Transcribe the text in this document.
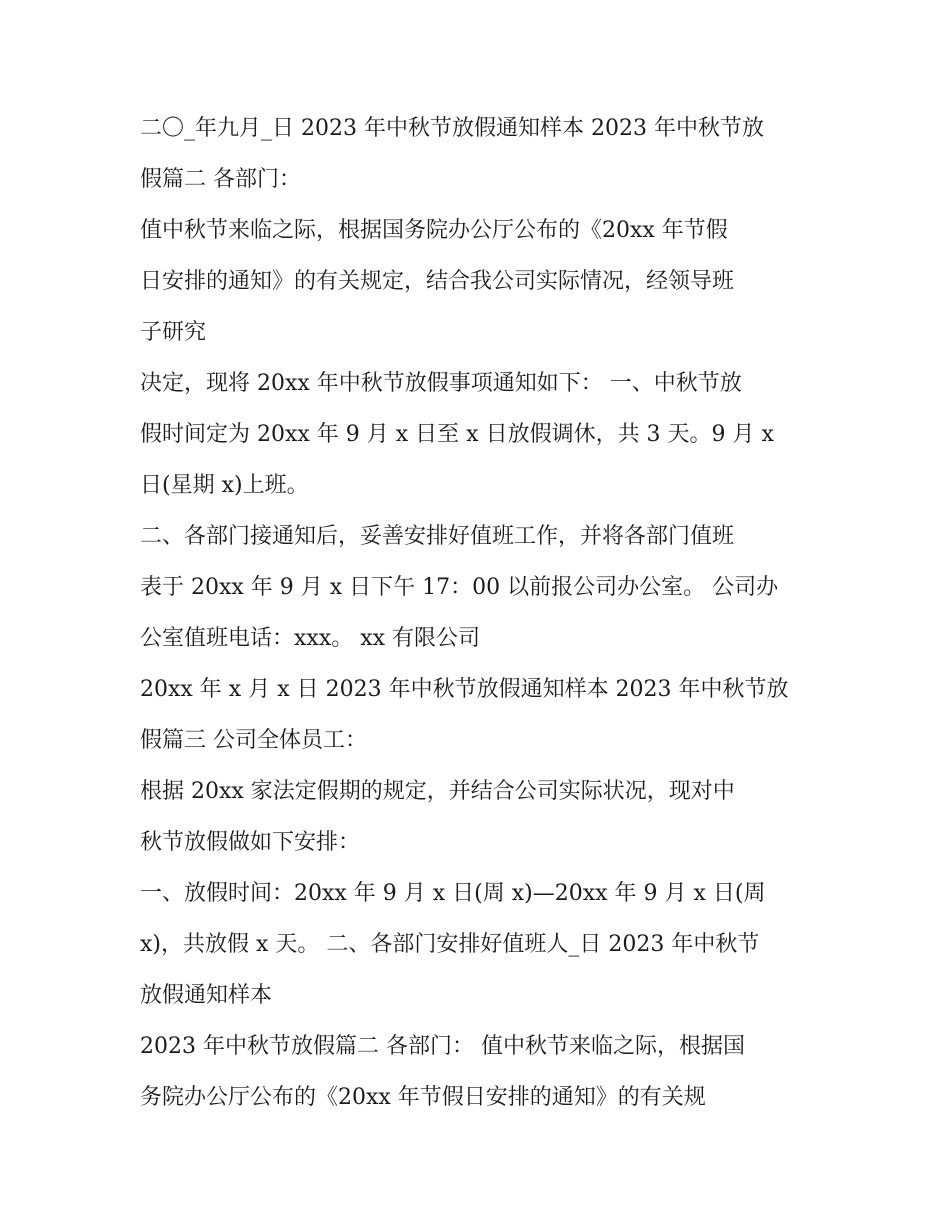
二〇_年九月_日 2023 年中秋节放假通知样本 2023 年中秋节放
假篇二 各部门：
值中秋节来临之际，根据国务院办公厅公布的《20xx 年节假
日安排的通知》的有关规定，结合我公司实际情况，经领导班
子研究
决定，现将 20xx 年中秋节放假事项通知如下： 一、中秋节放
假时间定为 20xx 年 9 月 x 日至 x 日放假调休，共 3 天。9 月 x
日(星期 x)上班。
二、各部门接通知后，妥善安排好值班工作，并将各部门值班
表于 20xx 年 9 月 x 日下午 17：00 以前报公司办公室。 公司办
公室值班电话：xxx。 xx 有限公司
20xx 年 x 月 x 日 2023 年中秋节放假通知样本 2023 年中秋节放
假篇三 公司全体员工：
根据 20xx 家法定假期的规定，并结合公司实际状况，现对中
秋节放假做如下安排：
一、放假时间：20xx 年 9 月 x 日(周 x)—20xx 年 9 月 x 日(周
x)，共放假 x 天。 二、各部门安排好值班人_日 2023 年中秋节
放假通知样本
2023 年中秋节放假篇二 各部门： 值中秋节来临之际，根据国
务院办公厅公布的《20xx 年节假日安排的通知》的有关规
